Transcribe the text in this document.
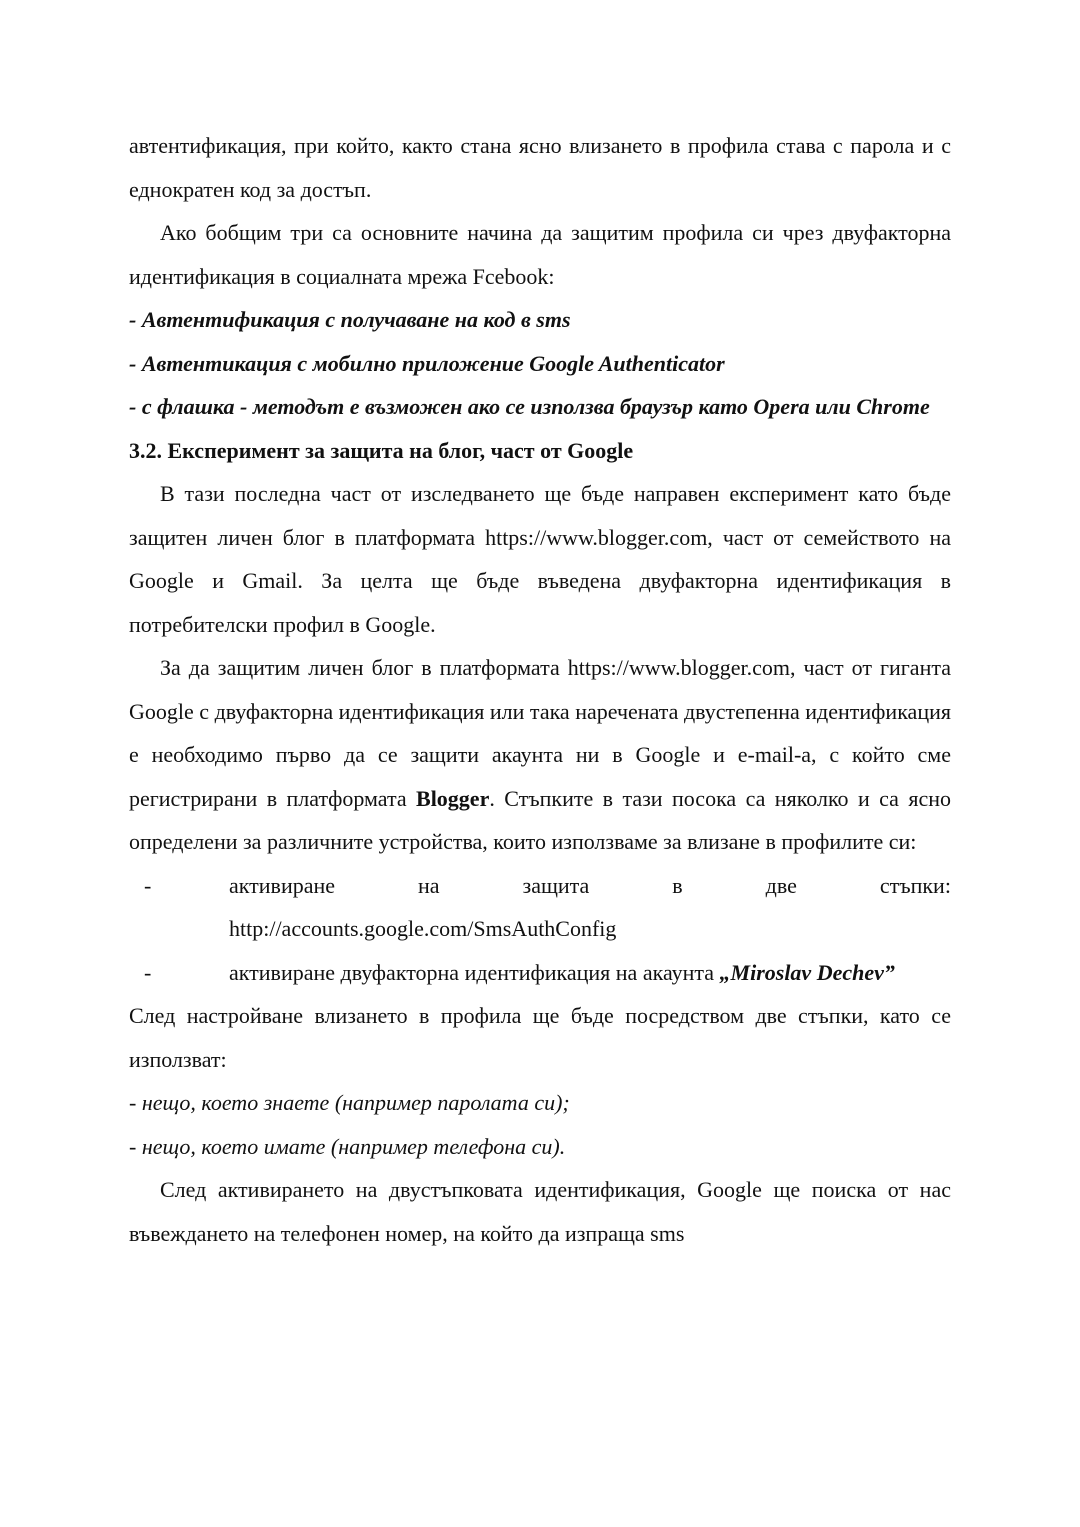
автентификация, при който, както стана ясно влизането в профила става с парола и с еднократен код за достъп.

Ако бобщим три са основните начина да защитим профила си чрез двуфакторна идентификация в социалната мрежа Fcebook:

- Автентификация с получаване на код в sms

- Автентикация с мобилно приложение Google Authenticator

- с флашка - методът е възможен ако се използва браузър като Opera или Chrome

3.2. Експеримент за защита на блог, част от Google

В тази последна част от изследването ще бъде направен експеримент като бъде защитен личен блог в платформата https://www.blogger.com, част от семейството на Google и Gmail. За целта ще бъде въведена двуфакторна идентификация в потребителски профил в Google.

За да защитим личен блог в платформата https://www.blogger.com, част от гиганта Google с двуфакторна идентификация или така наречената двустепенна идентификация е необходимо първо да се защити акаунта ни в Google и e-mail-а, с който сме регистрирани в платформата Blogger. Стъпките в тази посока са няколко и са ясно определени за различните устройства, които използваме за влизане в профилите си:

-	активиране	на	защита	в	две	стъпки:
http://accounts.google.com/SmsAuthConfig
-	активиране двуфакторна идентификация на акаунта „Miroslav Dechev”

След настройване влизането в профила ще бъде посредством две стъпки, като се използват:

- нещо, което знаете (например паролата си);

- нещо, което имате (например телефона си).

След активирането на двустъпковата идентификация, Google ще поиска от нас въвеждането на телефонен номер, на който да изпраща sms
